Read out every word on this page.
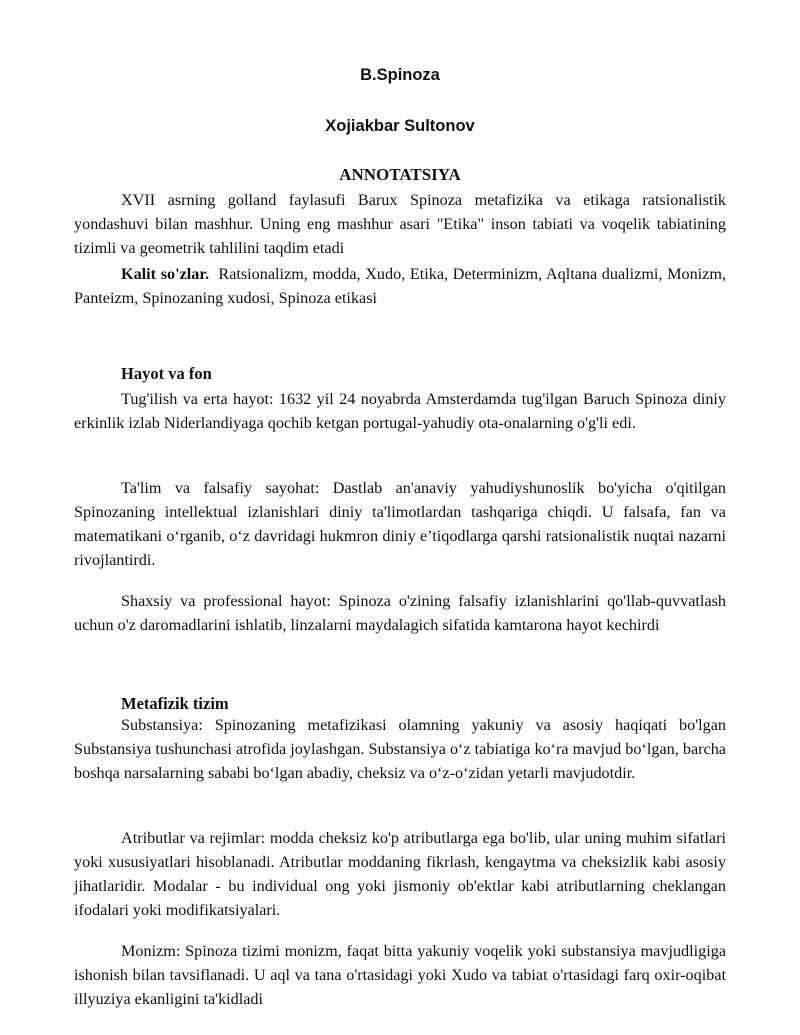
B.Spinoza
Xojiakbar Sultonov
ANNOTATSIYA

XVII asrning golland faylasufi Barux Spinoza metafizika va etikaga ratsionalistik yondashuvi bilan mashhur. Uning eng mashhur asari "Etika" inson tabiati va voqelik tabiatining tizimli va geometrik tahlilini taqdim etadi

Kalit so'zlar. Ratsionalizm, modda, Xudo, Etika, Determinizm, Aqltana dualizmi, Monizm, Panteizm, Spinozaning xudosi, Spinoza etikasi

Hayot va fon

Tug'ilish va erta hayot: 1632 yil 24 noyabrda Amsterdamda tug'ilgan Baruch Spinoza diniy erkinlik izlab Niderlandiyaga qochib ketgan portugal-yahudiy ota-onalarning o'g'li edi.

Ta'lim va falsafiy sayohat: Dastlab an'anaviy yahudiyshunoslik bo'yicha o'qitilgan Spinozaning intellektual izlanishlari diniy ta'limotlardan tashqariga chiqdi. U falsafa, fan va matematikani o‘rganib, o‘z davridagi hukmron diniy e’tiqodlarga qarshi ratsionalistik nuqtai nazarni rivojlantirdi.

Shaxsiy va professional hayot: Spinoza o'zining falsafiy izlanishlarini qo'llab-quvvatlash uchun o'z daromadlarini ishlatib, linzalarni maydalagich sifatida kamtarona hayot kechirdi

Metafizik tizim

Substansiya: Spinozaning metafizikasi olamning yakuniy va asosiy haqiqati bo'lgan Substansiya tushunchasi atrofida joylashgan. Substansiya o‘z tabiatiga ko‘ra mavjud bo‘lgan, barcha boshqa narsalarning sababi bo‘lgan abadiy, cheksiz va o‘z-o‘zidan yetarli mavjudotdir.

Atributlar va rejimlar: modda cheksiz ko'p atributlarga ega bo'lib, ular uning muhim sifatlari yoki xususiyatlari hisoblanadi. Atributlar moddaning fikrlash, kengaytma va cheksizlik kabi asosiy jihatlaridir. Modalar - bu individual ong yoki jismoniy ob'ektlar kabi atributlarning cheklangan ifodalari yoki modifikatsiyalari.

Monizm: Spinoza tizimi monizm, faqat bitta yakuniy voqelik yoki substansiya mavjudligiga ishonish bilan tavsiflanadi. U aql va tana o'rtasidagi yoki Xudo va tabiat o'rtasidagi farq oxir-oqibat illyuziya ekanligini ta'kidladi
